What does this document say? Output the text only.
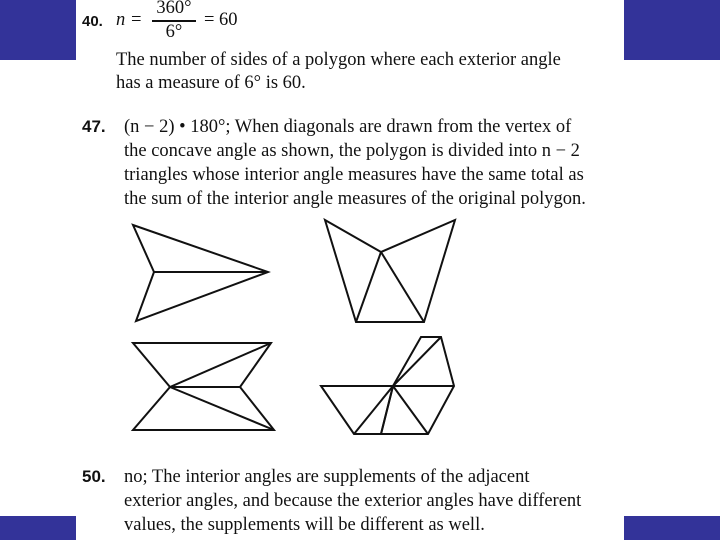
40. n =
360°
6°
= 60
The number of sides of a polygon where each exterior angle
has a measure of 6° is 60.
47. (n − 2) • 180°; When diagonals are drawn from the vertex of
the concave angle as shown, the polygon is divided into n − 2
triangles whose interior angle measures have the same total as
the sum of the interior angle measures of the original polygon.
50. no; The interior angles are supplements of the adjacent
exterior angles, and because the exterior angles have different
values, the supplements will be different as well.
